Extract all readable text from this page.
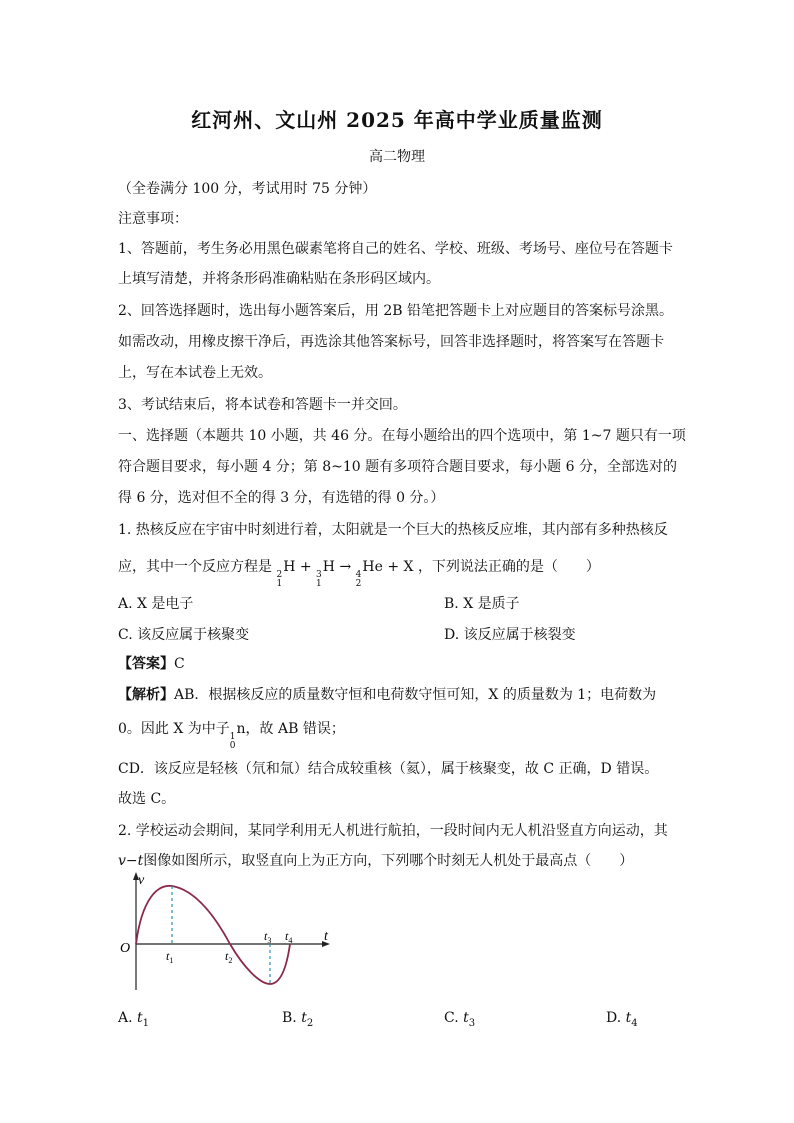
红河州、文山州 2025 年高中学业质量监测
高二物理
（全卷满分 100 分，考试用时 75 分钟）
注意事项：
1、答题前，考生务必用黑色碳素笔将自己的姓名、学校、班级、考场号、座位号在答题卡
上填写清楚，并将条形码准确粘贴在条形码区域内。
2、回答选择题时，选出每小题答案后，用 2B 铅笔把答题卡上对应题目的答案标号涂黑。
如需改动，用橡皮擦干净后，再选涂其他答案标号，回答非选择题时，将答案写在答题卡
上，写在本试卷上无效。
3、考试结束后，将本试卷和答题卡一并交回。
一、选择题（本题共 10 小题，共 46 分。在每小题给出的四个选项中，第 1~7 题只有一项
符合题目要求，每小题 4 分；第 8~10 题有多项符合题目要求，每小题 6 分，全部选对的
得 6 分，选对但不全的得 3 分，有选错的得 0 分。）
1. 热核反应在宇宙中时刻进行着，太阳就是一个巨大的热核反应堆，其内部有多种热核反
应，其中一个反应方程是 2
1
H + 3
1
H → 4
2
He + X ，下列说法正确的是（　　）
A. X 是电子	B. X 是质子
C. 该反应属于核聚变	D. 该反应属于核裂变
【答案】C
【解析】AB．根据核反应的质量数守恒和电荷数守恒可知，X 的质量数为 1；电荷数为
0。因此 X 为中子 1
0
n，故 AB 错误；
CD．该反应是轻核（氘和氚）结合成较重核（氦），属于核聚变，故 C 正确，D 错误。
故选 C。
2. 学校运动会期间，某同学利用无人机进行航拍，一段时间内无人机沿竖直方向运动，其
v−t图像如图所示，取竖直向上为正方向，下列哪个时刻无人机处于最高点（　　）
v
t
O	$t_1$	$t_2$
$t_3$ $t_4$
A. $t_1$	B. $t_2$	C. $t_3$	D. $t_4$
